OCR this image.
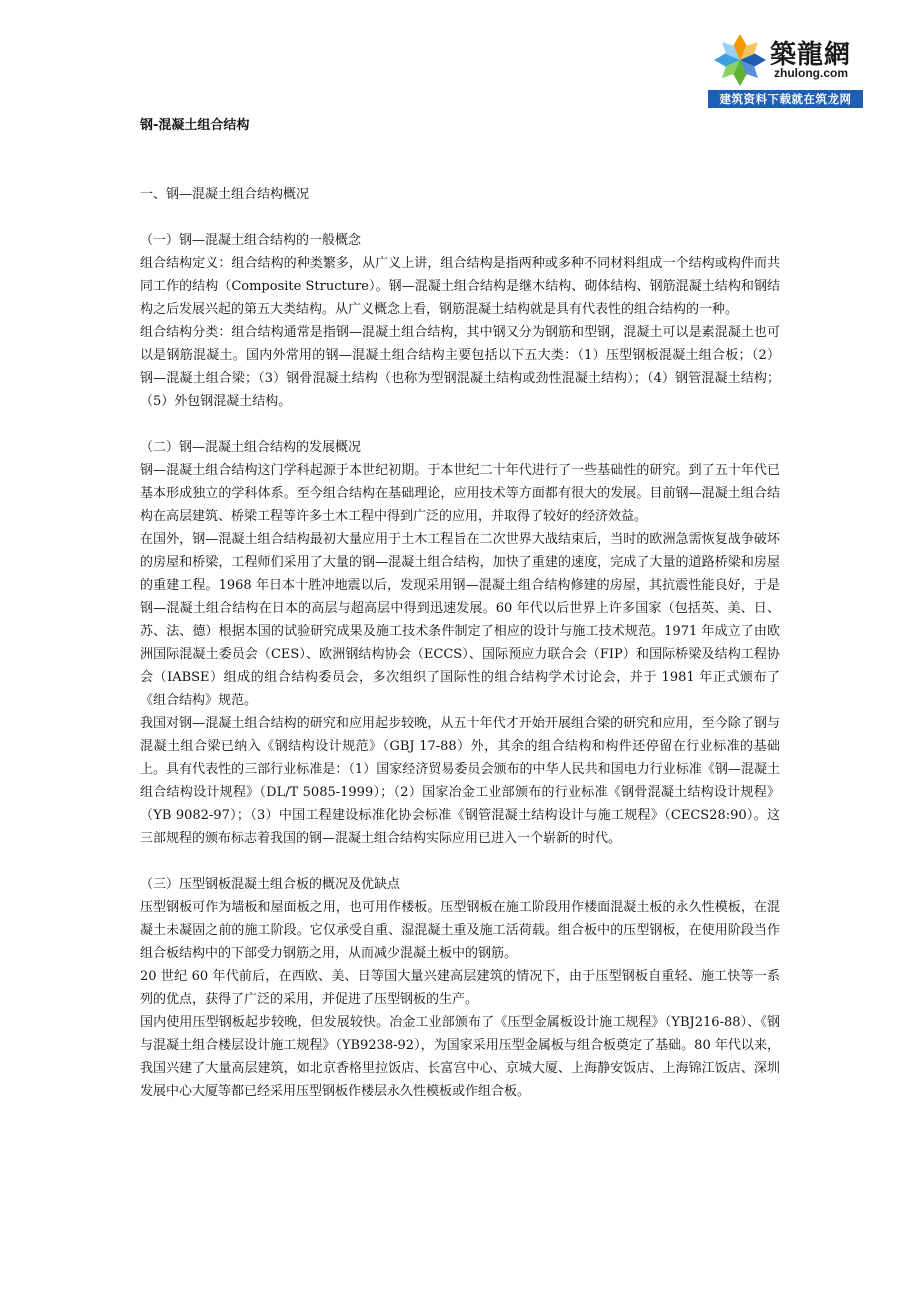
築龍網
zhulong.com
建筑资料下载就在筑龙网
钢-混凝土组合结构
一、钢—混凝土组合结构概况
（一）钢—混凝土组合结构的一般概念

组合结构定义：组合结构的种类繁多，从广义上讲，组合结构是指两种或多种不同材料组成一个结构或构件而共同工作的结构（Composite Structure）。钢—混凝土组合结构是继木结构、砌体结构、钢筋混凝土结构和钢结构之后发展兴起的第五大类结构。从广义概念上看，钢筋混凝土结构就是具有代表性的组合结构的一种。

组合结构分类：组合结构通常是指钢—混凝土组合结构，其中钢又分为钢筋和型钢，混凝土可以是素混凝土也可以是钢筋混凝土。国内外常用的钢—混凝土组合结构主要包括以下五大类：（1）压型钢板混凝土组合板；（2）钢—混凝土组合梁；（3）钢骨混凝土结构（也称为型钢混凝土结构或劲性混凝土结构）；（4）钢管混凝土结构；（5）外包钢混凝土结构。

（二）钢—混凝土组合结构的发展概况

钢—混凝土组合结构这门学科起源于本世纪初期。于本世纪二十年代进行了一些基础性的研究。到了五十年代已基本形成独立的学科体系。至今组合结构在基础理论，应用技术等方面都有很大的发展。目前钢—混凝土组合结构在高层建筑、桥梁工程等许多土木工程中得到广泛的应用，并取得了较好的经济效益。

在国外，钢—混凝土组合结构最初大量应用于土木工程旨在二次世界大战结束后，当时的欧洲急需恢复战争破坏的房屋和桥梁，工程师们采用了大量的钢—混凝土组合结构，加快了重建的速度，完成了大量的道路桥梁和房屋的重建工程。1968 年日本十胜冲地震以后，发现采用钢—混凝土组合结构修建的房屋，其抗震性能良好，于是钢—混凝土组合结构在日本的高层与超高层中得到迅速发展。60 年代以后世界上许多国家（包括英、美、日、苏、法、德）根据本国的试验研究成果及施工技术条件制定了相应的设计与施工技术规范。1971 年成立了由欧洲国际混凝土委员会（CES）、欧洲钢结构协会（ECCS）、国际预应力联合会（FIP）和国际桥梁及结构工程协会（IABSE）组成的组合结构委员会，多次组织了国际性的组合结构学术讨论会，并于 1981 年正式颁布了《组合结构》规范。

我国对钢—混凝土组合结构的研究和应用起步较晚，从五十年代才开始开展组合梁的研究和应用，至今除了钢与混凝土组合梁已纳入《钢结构设计规范》（GBJ 17-88）外，其余的组合结构和构件还停留在行业标准的基础上。具有代表性的三部行业标准是：（1）国家经济贸易委员会颁布的中华人民共和国电力行业标准《钢—混凝土组合结构设计规程》（DL/T 5085-1999）；（2）国家冶金工业部颁布的行业标准《钢骨混凝土结构设计规程》（YB 9082-97）；（3）中国工程建设标准化协会标准《钢管混凝土结构设计与施工规程》（CECS28:90）。这三部规程的颁布标志着我国的钢—混凝土组合结构实际应用已进入一个崭新的时代。

（三）压型钢板混凝土组合板的概况及优缺点

压型钢板可作为墙板和屋面板之用，也可用作楼板。压型钢板在施工阶段用作楼面混凝土板的永久性模板，在混凝土未凝固之前的施工阶段。它仅承受自重、湿混凝土重及施工活荷载。组合板中的压型钢板，在使用阶段当作组合板结构中的下部受力钢筋之用，从而减少混凝土板中的钢筋。

20 世纪 60 年代前后，在西欧、美、日等国大量兴建高层建筑的情况下，由于压型钢板自重轻、施工快等一系列的优点，获得了广泛的采用，并促进了压型钢板的生产。

国内使用压型钢板起步较晚，但发展较快。冶金工业部颁布了《压型金属板设计施工规程》（YBJ216-88）、《钢与混凝土组合楼层设计施工规程》（YB9238-92），为国家采用压型金属板与组合板奠定了基础。80 年代以来，我国兴建了大量高层建筑，如北京香格里拉饭店、长富宫中心、京城大厦、上海静安饭店、上海锦江饭店、深圳发展中心大厦等都已经采用压型钢板作楼层永久性模板或作组合板。
